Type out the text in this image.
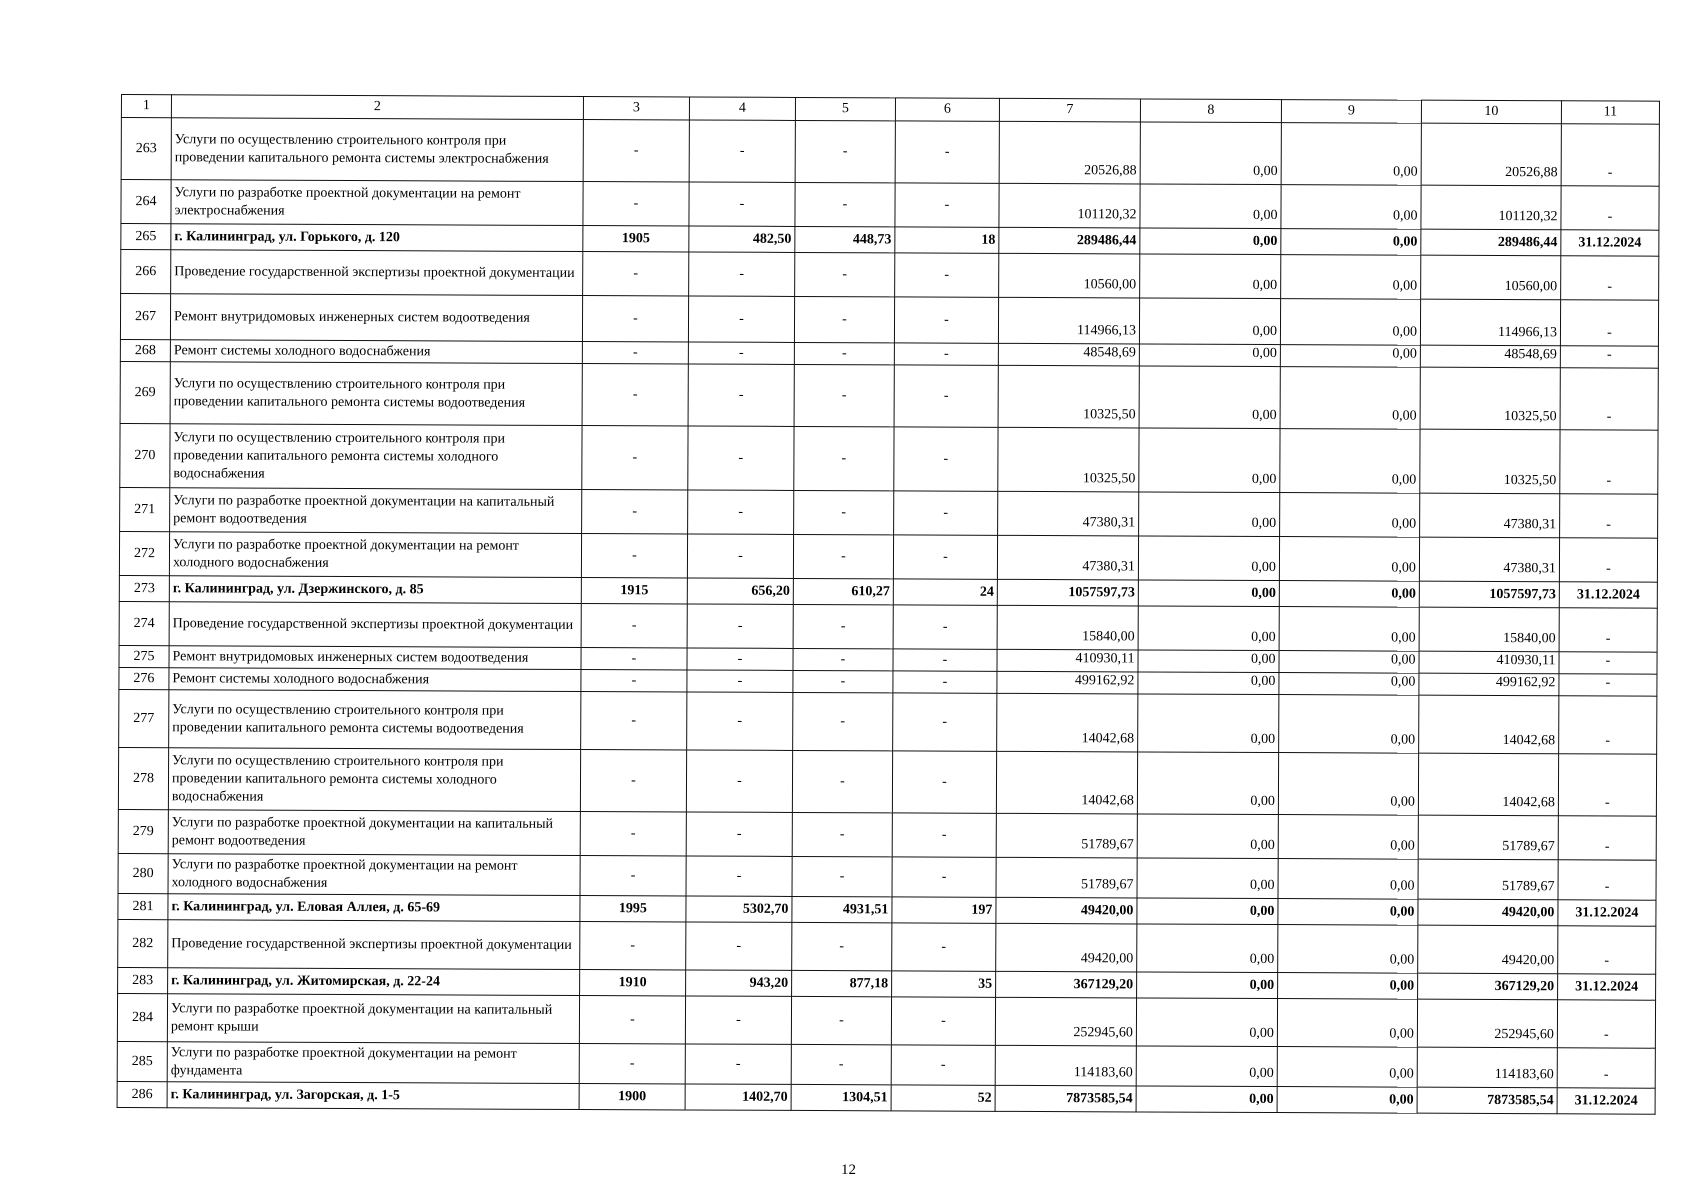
1	2	3	4	5	6	7	8	9	10	11
263	Услуги по осуществлению строительного контроля при проведении капитального ремонта системы электроснабжения	-	-	-	-	20526,88	0,00	0,00	20526,88	-
264	Услуги по разработке проектной документации на ремонт электроснабжения	-	-	-	-	101120,32	0,00	0,00	101120,32	-
265	г. Калининград, ул. Горького, д. 120	1905	482,50	448,73	18	289486,44	0,00	0,00	289486,44	31.12.2024
266	Проведение государственной экспертизы проектной документации	-	-	-	-	10560,00	0,00	0,00	10560,00	-
267	Ремонт внутридомовых инженерных систем водоотведения	-	-	-	-	114966,13	0,00	0,00	114966,13	-
268	Ремонт системы холодного водоснабжения	-	-	-	-	48548,69	0,00	0,00	48548,69	-
269	Услуги по осуществлению строительного контроля при проведении капитального ремонта системы водоотведения	-	-	-	-	10325,50	0,00	0,00	10325,50	-
270	Услуги по осуществлению строительного контроля при проведении капитального ремонта системы холодного водоснабжения	-	-	-	-	10325,50	0,00	0,00	10325,50	-
271	Услуги по разработке проектной документации на капитальный ремонт водоотведения	-	-	-	-	47380,31	0,00	0,00	47380,31	-
272	Услуги по разработке проектной документации на ремонт холодного водоснабжения	-	-	-	-	47380,31	0,00	0,00	47380,31	-
273	г. Калининград, ул. Дзержинского, д. 85	1915	656,20	610,27	24	1057597,73	0,00	0,00	1057597,73	31.12.2024
274	Проведение государственной экспертизы проектной документации	-	-	-	-	15840,00	0,00	0,00	15840,00	-
275	Ремонт внутридомовых инженерных систем водоотведения	-	-	-	-	410930,11	0,00	0,00	410930,11	-
276	Ремонт системы холодного водоснабжения	-	-	-	-	499162,92	0,00	0,00	499162,92	-
277	Услуги по осуществлению строительного контроля при проведении капитального ремонта системы водоотведения	-	-	-	-	14042,68	0,00	0,00	14042,68	-
278	Услуги по осуществлению строительного контроля при проведении капитального ремонта системы холодного водоснабжения	-	-	-	-	14042,68	0,00	0,00	14042,68	-
279	Услуги по разработке проектной документации на капитальный ремонт водоотведения	-	-	-	-	51789,67	0,00	0,00	51789,67	-
280	Услуги по разработке проектной документации на ремонт холодного водоснабжения	-	-	-	-	51789,67	0,00	0,00	51789,67	-
281	г. Калининград, ул. Еловая Аллея, д. 65-69	1995	5302,70	4931,51	197	49420,00	0,00	0,00	49420,00	31.12.2024
282	Проведение государственной экспертизы проектной документации	-	-	-	-	49420,00	0,00	0,00	49420,00	-
283	г. Калининград, ул. Житомирская, д. 22-24	1910	943,20	877,18	35	367129,20	0,00	0,00	367129,20	31.12.2024
284	Услуги по разработке проектной документации на капитальный ремонт крыши	-	-	-	-	252945,60	0,00	0,00	252945,60	-
285	Услуги по разработке проектной документации на ремонт фундамента	-	-	-	-	114183,60	0,00	0,00	114183,60	-
286	г. Калининград, ул. Загорская, д. 1-5	1900	1402,70	1304,51	52	7873585,54	0,00	0,00	7873585,54	31.12.2024
12
